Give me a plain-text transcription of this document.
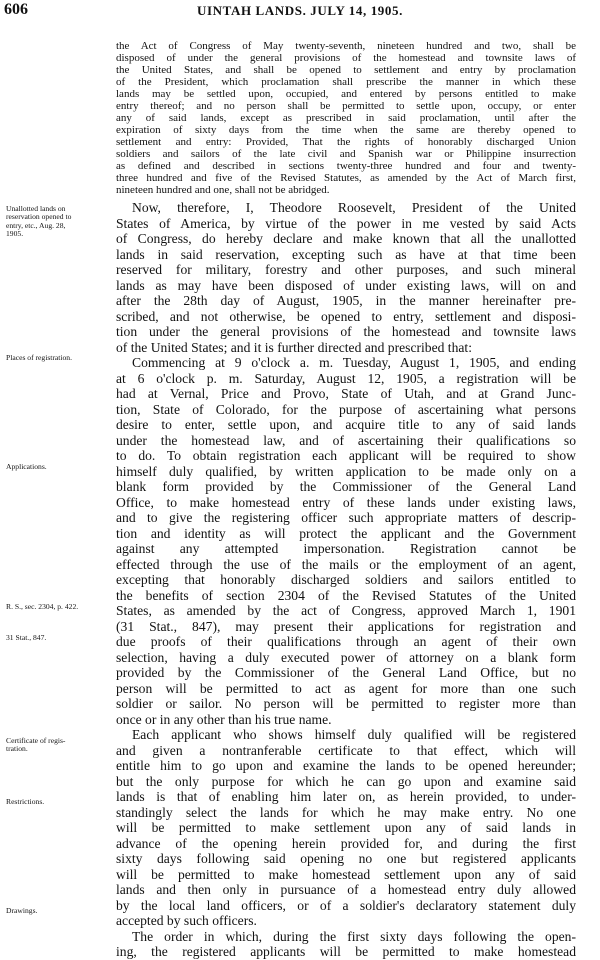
606	UINTAH LANDS. JULY 14, 1905.
the Act of Congress of May twenty-seventh, nineteen hundred and two, shall be
disposed of under the general provisions of the homestead and townsite laws of
the United States, and shall be opened to settlement and entry by proclamation
of the President, which proclamation shall prescribe the manner in which these
lands may be settled upon, occupied, and entered by persons entitled to make
entry thereof; and no person shall be permitted to settle upon, occupy, or enter
any of said lands, except as prescribed in said proclamation, until after the
expiration of sixty days from the time when the same are thereby opened to
settlement and entry: Provided, That the rights of honorably discharged Union
soldiers and sailors of the late civil and Spanish war or Philippine insurrection
as defined and described in sections twenty-three hundred and four and twenty-
three hundred and five of the Revised Statutes, as amended by the Act of March first,
nineteen hundred and one, shall not be abridged.
Now, therefore, I, Theodore Roosevelt, President of the United
States of America, by virtue of the power in me vested by said Acts
of Congress, do hereby declare and make known that all the unallotted
lands in said reservation, excepting such as have at that time been
reserved for military, forestry and other purposes, and such mineral
lands as may have been disposed of under existing laws, will on and
after the 28th day of August, 1905, in the manner hereinafter pre-
scribed, and not otherwise, be opened to entry, settlement and disposi-
tion under the general provisions of the homestead and townsite laws
of the United States; and it is further directed and prescribed that:
Commencing at 9 o'clock a. m. Tuesday, August 1, 1905, and ending
at 6 o'clock p. m. Saturday, August 12, 1905, a registration will be
had at Vernal, Price and Provo, State of Utah, and at Grand Junc-
tion, State of Colorado, for the purpose of ascertaining what persons
desire to enter, settle upon, and acquire title to any of said lands
under the homestead law, and of ascertaining their qualifications so
to do. To obtain registration each applicant will be required to show
himself duly qualified, by written application to be made only on a
blank form provided by the Commissioner of the General Land
Office, to make homestead entry of these lands under existing laws,
and to give the registering officer such appropriate matters of descrip-
tion and identity as will protect the applicant and the Government
against any attempted impersonation. Registration cannot be
effected through the use of the mails or the employment of an agent,
excepting that honorably discharged soldiers and sailors entitled to
the benefits of section 2304 of the Revised Statutes of the United
States, as amended by the act of Congress, approved March 1, 1901
(31 Stat., 847), may present their applications for registration and
due proofs of their qualifications through an agent of their own
selection, having a duly executed power of attorney on a blank form
provided by the Commissioner of the General Land Office, but no
person will be permitted to act as agent for more than one such
soldier or sailor. No person will be permitted to register more than
once or in any other than his true name.
Each applicant who shows himself duly qualified will be registered
and given a nontranferable certificate to that effect, which will
entitle him to go upon and examine the lands to be opened hereunder;
but the only purpose for which he can go upon and examine said
lands is that of enabling him later on, as herein provided, to under-
standingly select the lands for which he may make entry. No one
will be permitted to make settlement upon any of said lands in
advance of the opening herein provided for, and during the first
sixty days following said opening no one but registered applicants
will be permitted to make homestead settlement upon any of said
lands and then only in pursuance of a homestead entry duly allowed
by the local land officers, or of a soldier's declaratory statement duly
accepted by such officers.
The order in which, during the first sixty days following the open-
ing, the registered applicants will be permitted to make homestead
Unallotted lands on
reservation opened to
entry, etc., Aug. 28,
1905.
Places of registration.
Applications.
R. S., sec. 2304, p. 422.
31 Stat., 847.
Certificate of regis-
tration.
Restrictions.
Drawings.
